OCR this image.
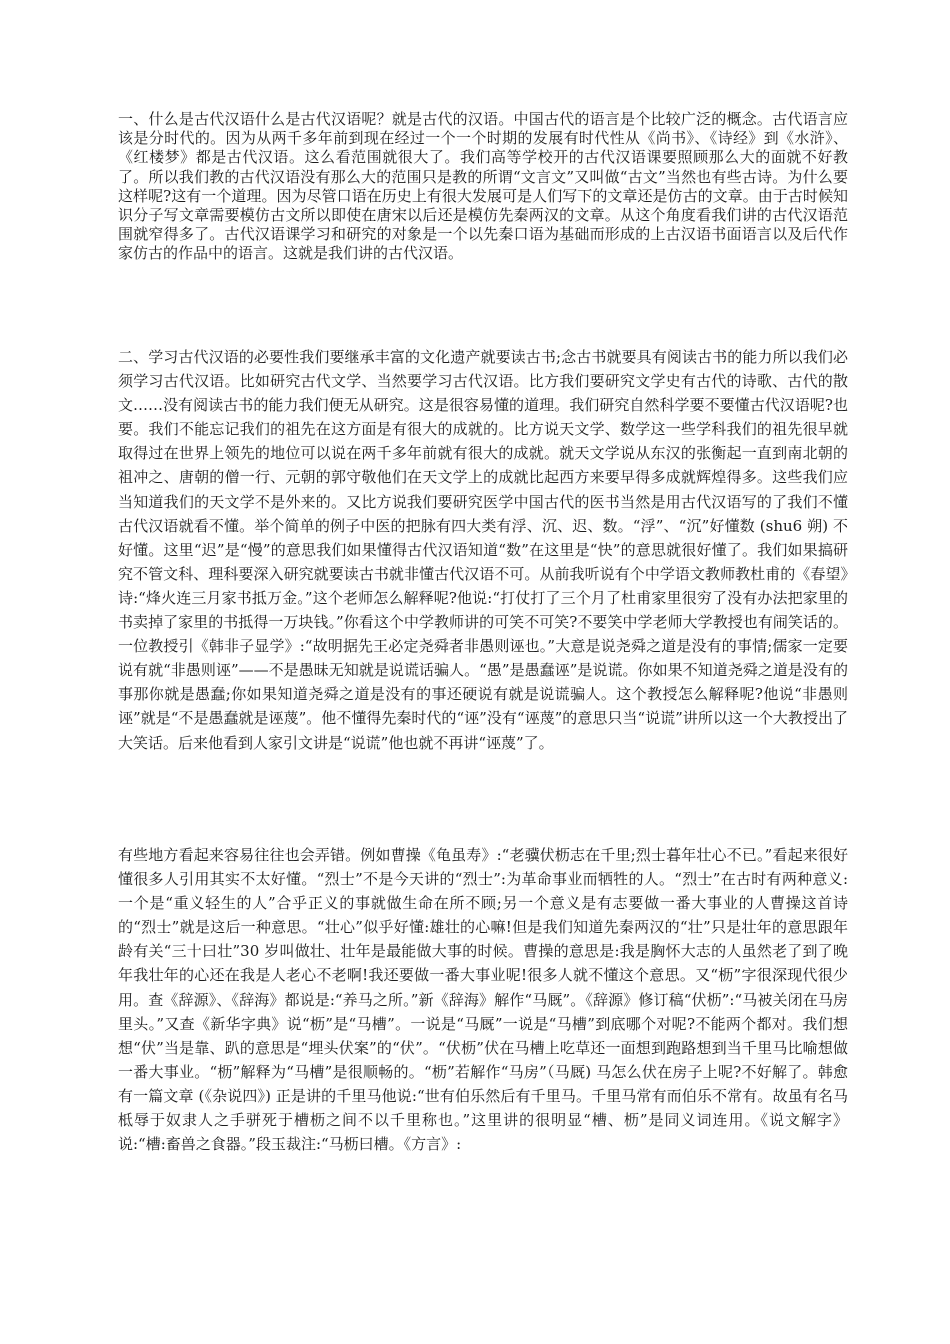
一、什么是古代汉语什么是古代汉语呢？就是古代的汉语。中国古代的语言是个比较广泛的概念。古代语言应该是分时代的。因为从两千多年前到现在经过一个一个时期的发展有时代性从《尚书》、《诗经》到《水浒》、《红楼梦》都是古代汉语。这么看范围就很大了。我们高等学校开的古代汉语课要照顾那么大的面就不好教了。所以我们教的古代汉语没有那么大的范围只是教的所谓“文言文”又叫做“古文”当然也有些古诗。为什么要这样呢?这有一个道理。因为尽管口语在历史上有很大发展可是人们写下的文章还是仿古的文章。由于古时候知识分子写文章需要模仿古文所以即使在唐宋以后还是模仿先秦两汉的文章。从这个角度看我们讲的古代汉语范围就窄得多了。古代汉语课学习和研究的对象是一个以先秦口语为基础而形成的上古汉语书面语言以及后代作家仿古的作品中的语言。这就是我们讲的古代汉语。

二、学习古代汉语的必要性我们要继承丰富的文化遗产就要读古书;念古书就要具有阅读古书的能力所以我们必须学习古代汉语。比如研究古代文学、当然要学习古代汉语。比方我们要研究文学史有古代的诗歌、古代的散文……没有阅读古书的能力我们便无从研究。这是很容易懂的道理。我们研究自然科学要不要懂古代汉语呢?也要。我们不能忘记我们的祖先在这方面是有很大的成就的。比方说天文学、数学这一些学科我们的祖先很早就取得过在世界上领先的地位可以说在两千多年前就有很大的成就。就天文学说从东汉的张衡起一直到南北朝的祖冲之、唐朝的僧一行、元朝的郭守敬他们在天文学上的成就比起西方来要早得多成就辉煌得多。这些我们应当知道我们的天文学不是外来的。又比方说我们要研究医学中国古代的医书当然是用古代汉语写的了我们不懂古代汉语就看不懂。举个简单的例子中医的把脉有四大类有浮、沉、迟、数。“浮”、“沉”好懂数 (shu6 朔) 不好懂。这里“迟”是“慢”的意思我们如果懂得古代汉语知道“数”在这里是“快”的意思就很好懂了。我们如果搞研究不管文科、理科要深入研究就要读古书就非懂古代汉语不可。从前我听说有个中学语文教师教杜甫的《春望》诗:“烽火连三月家书抵万金。”这个老师怎么解释呢?他说:“打仗打了三个月了杜甫家里很穷了没有办法把家里的书卖掉了家里的书抵得一万块钱。”你看这个中学教师讲的可笑不可笑?不要笑中学老师大学教授也有闹笑话的。一位教授引《韩非子显学》:“故明据先王必定尧舜者非愚则诬也。”大意是说尧舜之道是没有的事情;儒家一定要说有就“非愚则诬”——不是愚昧无知就是说谎话骗人。“愚”是愚蠢诬”是说谎。你如果不知道尧舜之道是没有的事那你就是愚蠢;你如果知道尧舜之道是没有的事还硬说有就是说谎骗人。这个教授怎么解释呢?他说“非愚则诬”就是“不是愚蠢就是诬蔑”。他不懂得先秦时代的“诬”没有“诬蔑”的意思只当“说谎”讲所以这一个大教授出了大笑话。后来他看到人家引文讲是“说谎”他也就不再讲“诬蔑”了。

有些地方看起来容易往往也会弄错。例如曹操《龟虽寿》:“老骥伏枥志在千里;烈士暮年壮心不已。”看起来很好懂很多人引用其实不太好懂。“烈士”不是今天讲的“烈士”:为革命事业而牺牲的人。“烈士”在古时有两种意义:一个是“重义轻生的人”合乎正义的事就做生命在所不顾;另一个意义是有志要做一番大事业的人曹操这首诗的“烈士”就是这后一种意思。“壮心”似乎好懂:雄壮的心嘛!但是我们知道先秦两汉的“壮”只是壮年的意思跟年龄有关“三十曰壮”30 岁叫做壮、壮年是最能做大事的时候。曹操的意思是:我是胸怀大志的人虽然老了到了晚年我壮年的心还在我是人老心不老啊!我还要做一番大事业呢!很多人就不懂这个意思。又“枥”字很深现代很少用。查《辞源》、《辞海》都说是:“养马之所。”新《辞海》解作“马厩”。《辞源》修订稿“伏枥”:“马被关闭在马房里头。”又查《新华字典》说“枥”是“马槽”。一说是“马厩”一说是“马槽”到底哪个对呢?不能两个都对。我们想想“伏”当是靠、趴的意思是“埋头伏案”的“伏”。“伏枥”伏在马槽上吃草还一面想到跑路想到当千里马比喻想做一番大事业。“枥”解释为“马槽”是很顺畅的。“枥”若解作“马房”（马厩) 马怎么伏在房子上呢?不好解了。韩愈有一篇文章 (《杂说四》) 正是讲的千里马他说:“世有伯乐然后有千里马。千里马常有而伯乐不常有。故虽有名马柢辱于奴隶人之手骈死于槽枥之间不以千里称也。”这里讲的很明显“槽、枥”是同义词连用。《说文解字》说:“槽:畜兽之食器。”段玉裁注:“马枥曰槽。《方言》:
